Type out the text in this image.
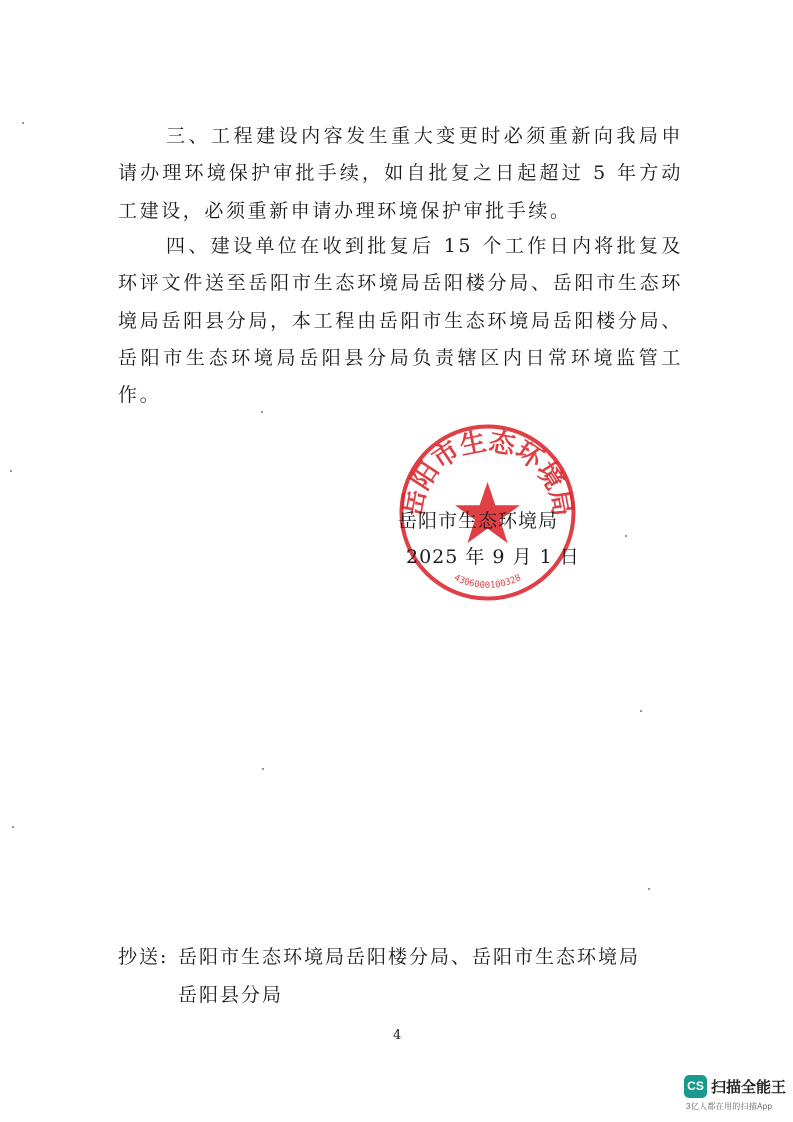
三、工程建设内容发生重大变更时必须重新向我局申请办理环境保护审批手续，如自批复之日起超过 5 年方动工建设，必须重新申请办理环境保护审批手续。

四、建设单位在收到批复后 15 个工作日内将批复及环评文件送至岳阳市生态环境局岳阳楼分局、岳阳市生态环境局岳阳县分局，本工程由岳阳市生态环境局岳阳楼分局、岳阳市生态环境局岳阳县分局负责辖区内日常环境监管工作。

岳阳市生态环境局
4306000100328

岳阳市生态环境局

2025 年 9 月 1 日

抄送: 岳阳市生态环境局岳阳楼分局、岳阳市生态环境局

岳阳县分局

4

CS 扫描全能王

3亿人都在用的扫描App
